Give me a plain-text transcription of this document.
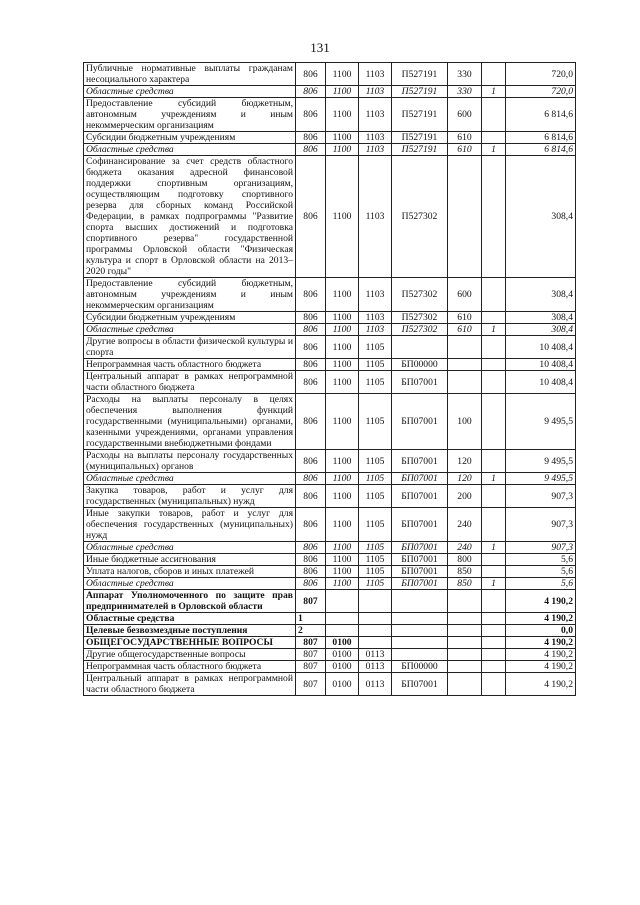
131
Публичные нормативные выплаты гражданам несоциального характера	806	1100	1103	П527191	330		720,0
Областные средства	806	1100	1103	П527191	330	1	720,0
Предоставление субсидий бюджетным, автономным учреждениям и иным некоммерческим организациям	806	1100	1103	П527191	600		6 814,6
Субсидии бюджетным учреждениям	806	1100	1103	П527191	610		6 814,6
Областные средства	806	1100	1103	П527191	610	1	6 814,6
Софинансирование за счет средств областного бюджета оказания адресной финансовой поддержки спортивным организациям, осуществляющим подготовку спортивного резерва для сборных команд Российской Федерации, в рамках подпрограммы "Развитие спорта высших достижений и подготовка спортивного резерва" государственной программы Орловской области "Физическая культура и спорт в Орловской области на 2013–2020 годы"	806	1100	1103	П527302			308,4
Предоставление субсидий бюджетным, автономным учреждениям и иным некоммерческим организациям	806	1100	1103	П527302	600		308,4
Субсидии бюджетным учреждениям	806	1100	1103	П527302	610		308,4
Областные средства	806	1100	1103	П527302	610	1	308,4
Другие вопросы в области физической культуры и спорта	806	1100	1105				10 408,4
Непрограммная часть областного бюджета	806	1100	1105	БП00000			10 408,4
Центральный аппарат в рамках непрограммной части областного бюджета	806	1100	1105	БП07001			10 408,4
Расходы на выплаты персоналу в целях обеспечения выполнения функций государственными (муниципальными) органами, казенными учреждениями, органами управления государственными внебюджетными фондами	806	1100	1105	БП07001	100		9 495,5
Расходы на выплаты персоналу государственных (муниципальных) органов	806	1100	1105	БП07001	120		9 495,5
Областные средства	806	1100	1105	БП07001	120	1	9 495,5
Закупка товаров, работ и услуг для государственных (муниципальных) нужд	806	1100	1105	БП07001	200		907,3
Иные закупки товаров, работ и услуг для обеспечения государственных (муниципальных) нужд	806	1100	1105	БП07001	240		907,3
Областные средства	806	1100	1105	БП07001	240	1	907,3
Иные бюджетные ассигнования	806	1100	1105	БП07001	800		5,6
Уплата налогов, сборов и иных платежей	806	1100	1105	БП07001	850		5,6
Областные средства	806	1100	1105	БП07001	850	1	5,6
Аппарат Уполномоченного по защите прав предпринимателей в Орловской области	807						4 190,2
Областные средства	1						4 190,2
Целевые безвозмездные поступления	2						0,0
ОБЩЕГОСУДАРСТВЕННЫЕ ВОПРОСЫ	807	0100					4 190,2
Другие общегосударственные вопросы	807	0100	0113				4 190,2
Непрограммная часть областного бюджета	807	0100	0113	БП00000			4 190,2
Центральный аппарат в рамках непрограммной части областного бюджета	807	0100	0113	БП07001			4 190,2
